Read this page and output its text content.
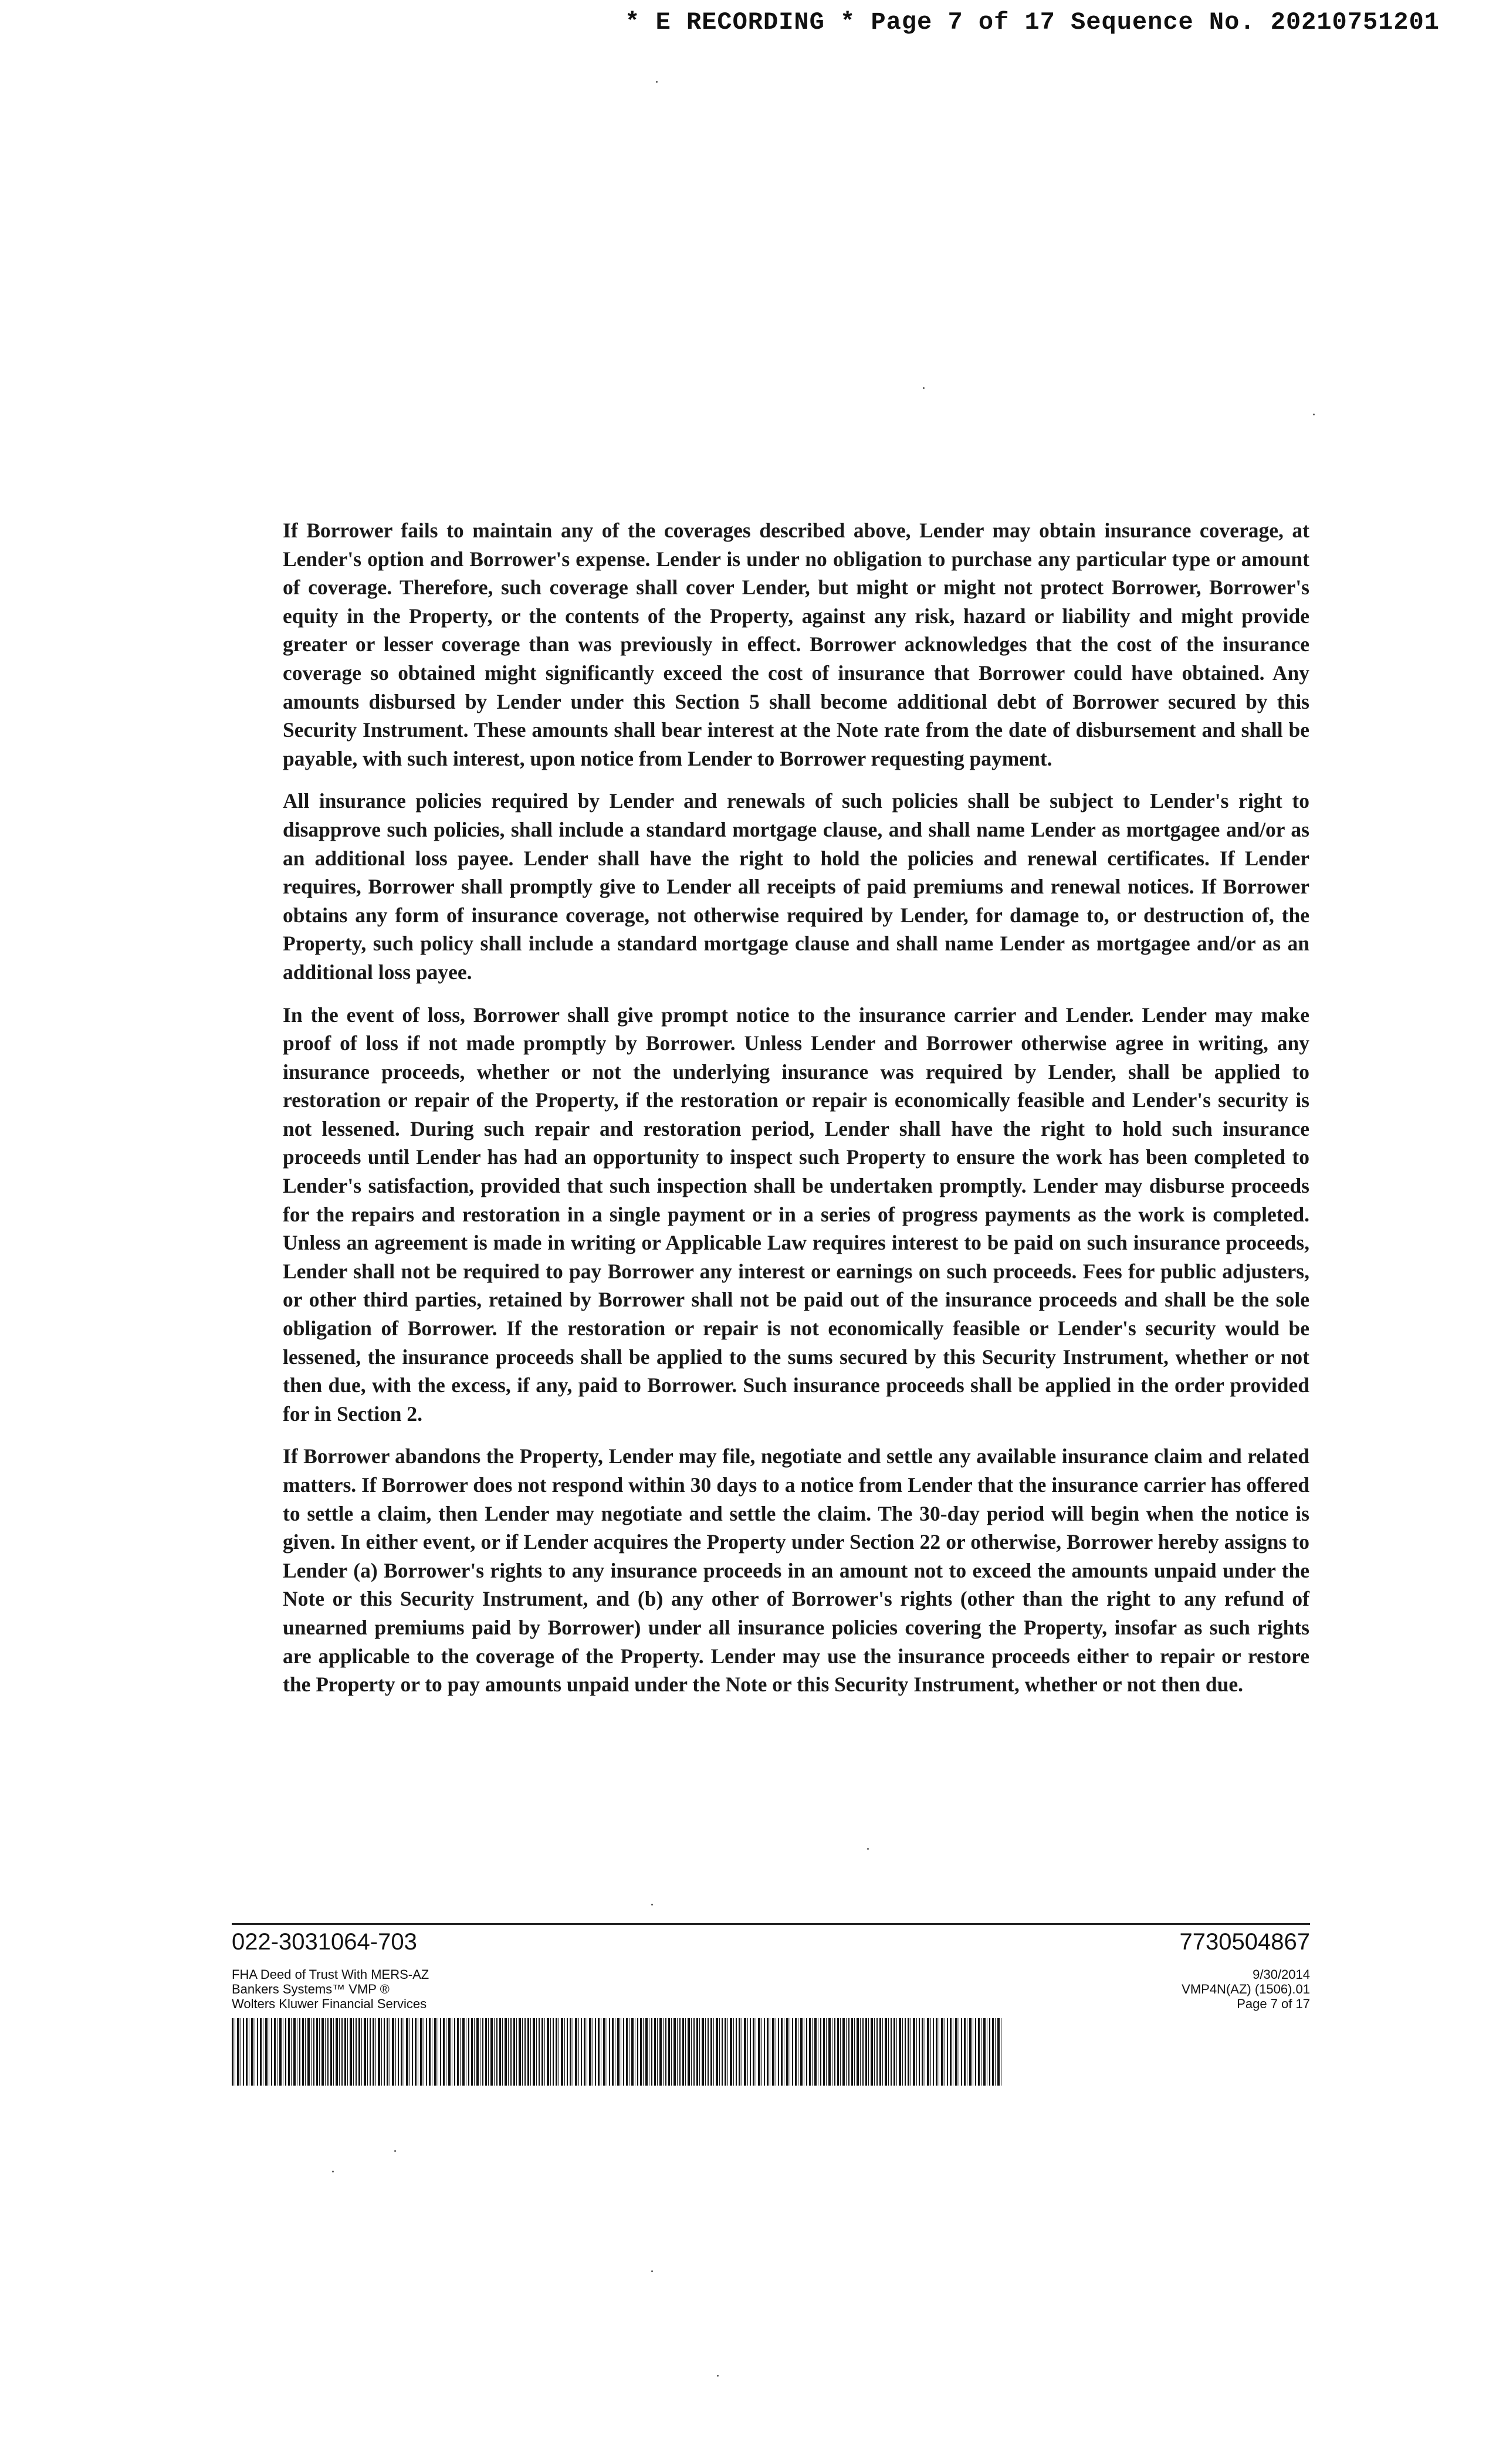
* E RECORDING * Page 7 of 17 Sequence No. 20210751201

If Borrower fails to maintain any of the coverages described above, Lender may obtain insurance coverage, at Lender's option and Borrower's expense. Lender is under no obligation to purchase any particular type or amount of coverage. Therefore, such coverage shall cover Lender, but might or might not protect Borrower, Borrower's equity in the Property, or the contents of the Property, against any risk, hazard or liability and might provide greater or lesser coverage than was previously in effect. Borrower acknowledges that the cost of the insurance coverage so obtained might significantly exceed the cost of insurance that Borrower could have obtained. Any amounts disbursed by Lender under this Section 5 shall become additional debt of Borrower secured by this Security Instrument. These amounts shall bear interest at the Note rate from the date of disbursement and shall be payable, with such interest, upon notice from Lender to Borrower requesting payment.

All insurance policies required by Lender and renewals of such policies shall be subject to Lender's right to disapprove such policies, shall include a standard mortgage clause, and shall name Lender as mortgagee and/or as an additional loss payee. Lender shall have the right to hold the policies and renewal certificates. If Lender requires, Borrower shall promptly give to Lender all receipts of paid premiums and renewal notices. If Borrower obtains any form of insurance coverage, not otherwise required by Lender, for damage to, or destruction of, the Property, such policy shall include a standard mortgage clause and shall name Lender as mortgagee and/or as an additional loss payee.

In the event of loss, Borrower shall give prompt notice to the insurance carrier and Lender. Lender may make proof of loss if not made promptly by Borrower. Unless Lender and Borrower otherwise agree in writing, any insurance proceeds, whether or not the underlying insurance was required by Lender, shall be applied to restoration or repair of the Property, if the restoration or repair is economically feasible and Lender's security is not lessened. During such repair and restoration period, Lender shall have the right to hold such insurance proceeds until Lender has had an opportunity to inspect such Property to ensure the work has been completed to Lender's satisfaction, provided that such inspection shall be undertaken promptly. Lender may disburse proceeds for the repairs and restoration in a single payment or in a series of progress payments as the work is completed. Unless an agreement is made in writing or Applicable Law requires interest to be paid on such insurance proceeds, Lender shall not be required to pay Borrower any interest or earnings on such proceeds. Fees for public adjusters, or other third parties, retained by Borrower shall not be paid out of the insurance proceeds and shall be the sole obligation of Borrower. If the restoration or repair is not economically feasible or Lender's security would be lessened, the insurance proceeds shall be applied to the sums secured by this Security Instrument, whether or not then due, with the excess, if any, paid to Borrower. Such insurance proceeds shall be applied in the order provided for in Section 2.

If Borrower abandons the Property, Lender may file, negotiate and settle any available insurance claim and related matters. If Borrower does not respond within 30 days to a notice from Lender that the insurance carrier has offered to settle a claim, then Lender may negotiate and settle the claim. The 30-day period will begin when the notice is given. In either event, or if Lender acquires the Property under Section 22 or otherwise, Borrower hereby assigns to Lender (a) Borrower's rights to any insurance proceeds in an amount not to exceed the amounts unpaid under the Note or this Security Instrument, and (b) any other of Borrower's rights (other than the right to any refund of unearned premiums paid by Borrower) under all insurance policies covering the Property, insofar as such rights are applicable to the coverage of the Property. Lender may use the insurance proceeds either to repair or restore the Property or to pay amounts unpaid under the Note or this Security Instrument, whether or not then due.

022-3031064-703	7730504867
FHA Deed of Trust With MERS-AZ
Bankers Systems™ VMP ®
Wolters Kluwer Financial Services
9/30/2014
VMP4N(AZ) (1506).01
Page 7 of 17
